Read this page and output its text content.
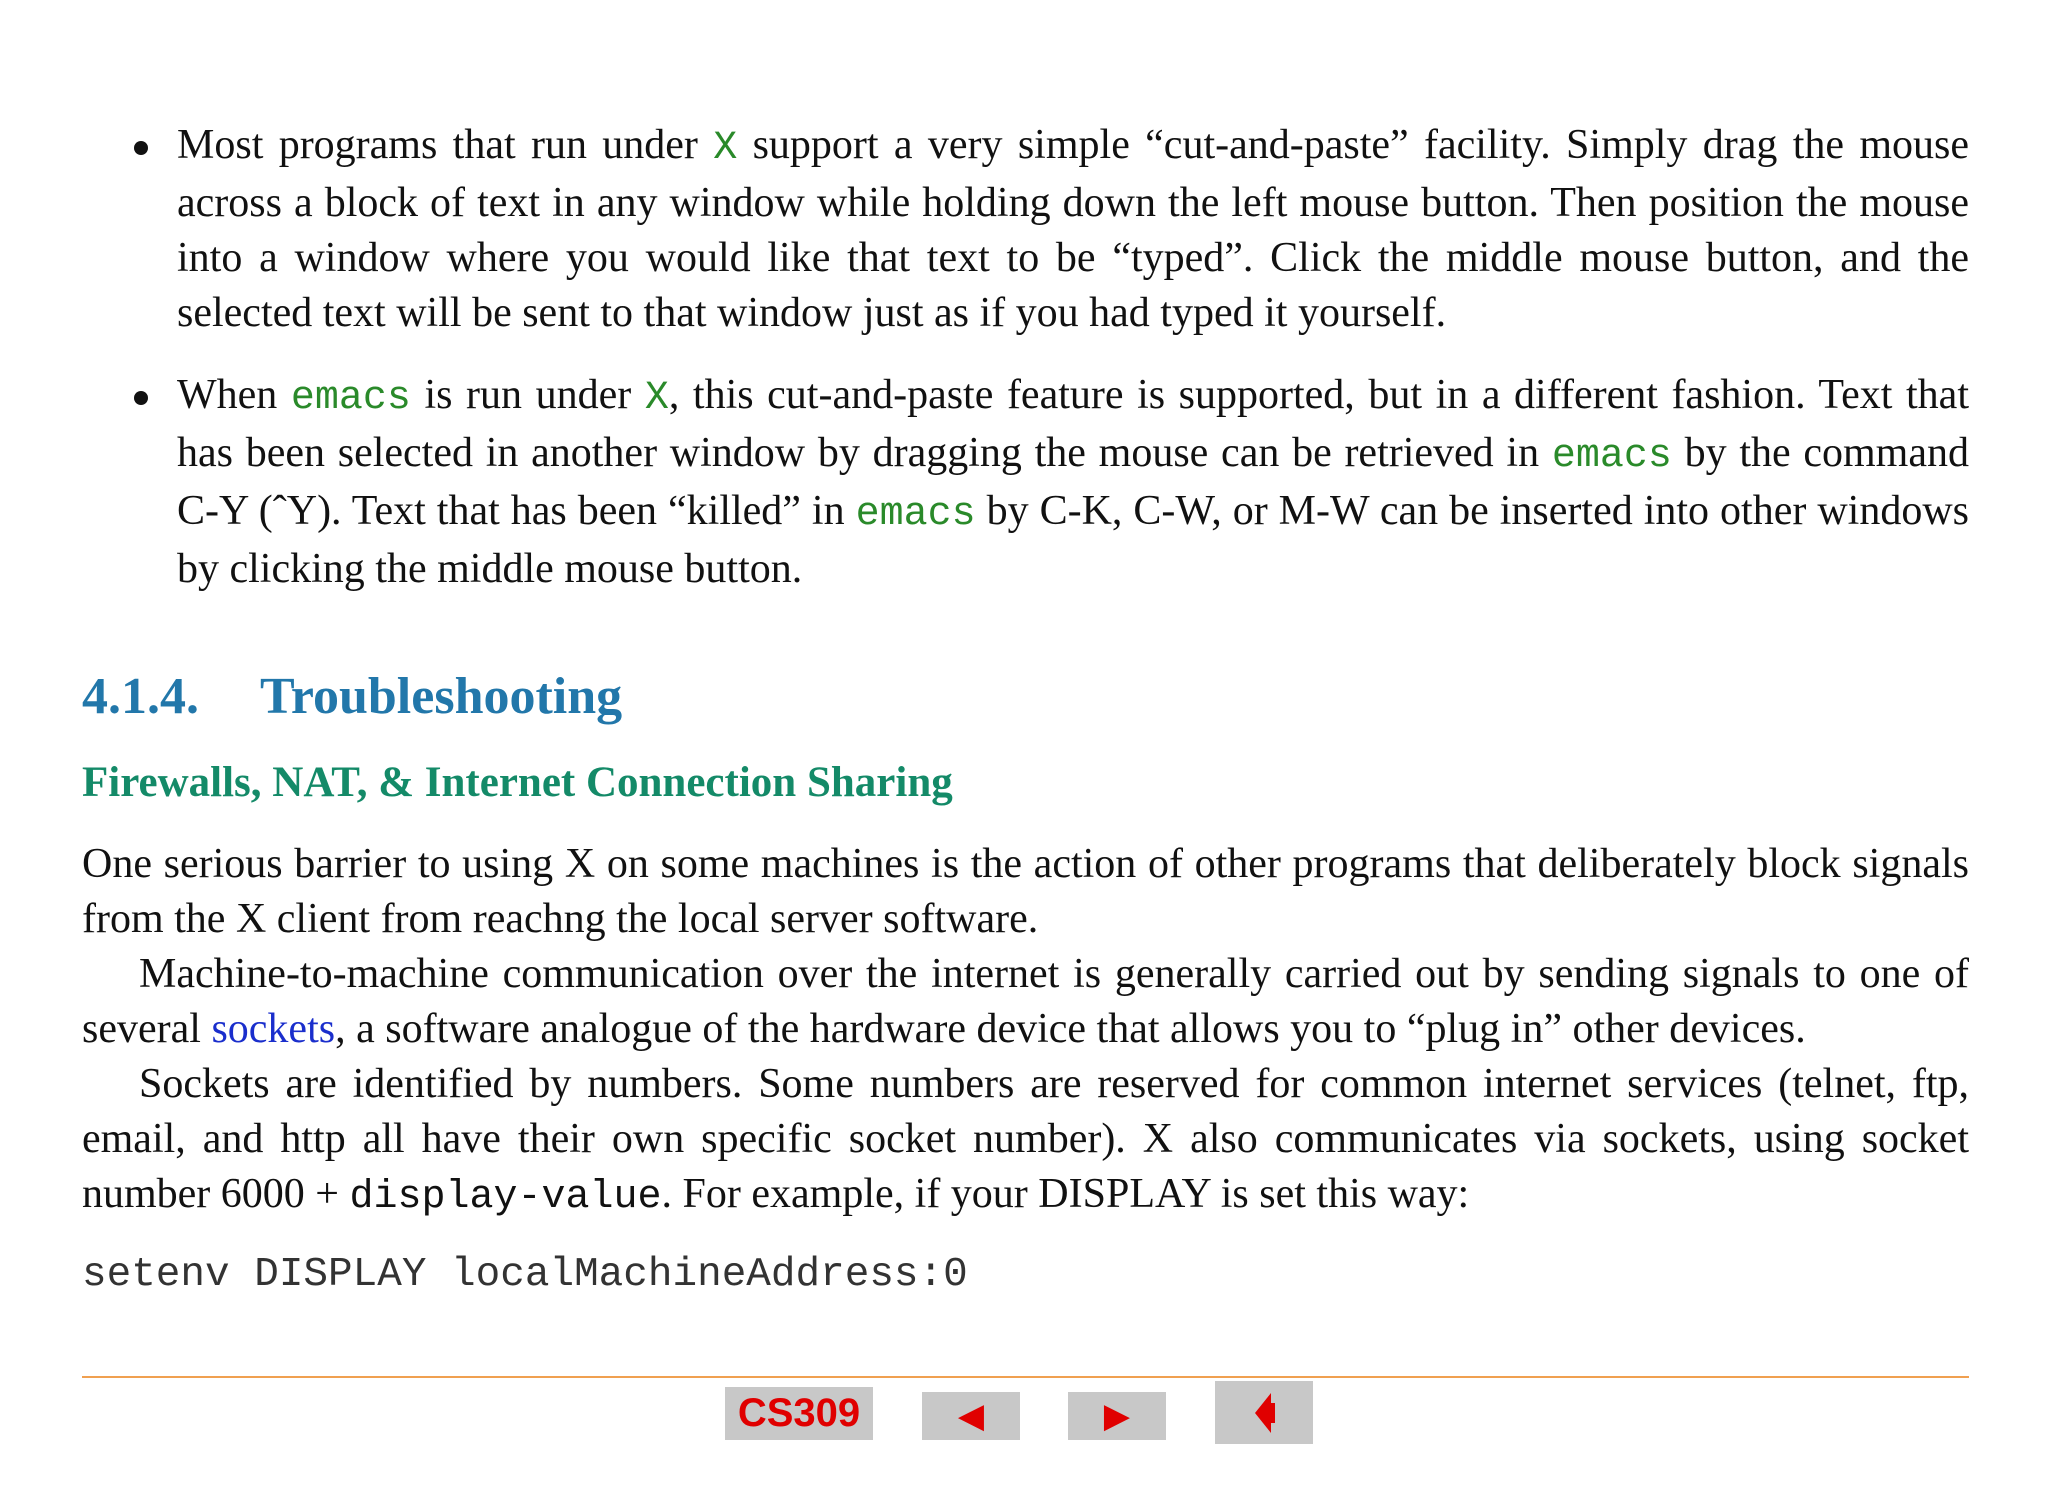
Most programs that run under X support a very simple “cut-and-paste” facility. Simply drag the mouse across a block of text in any window while holding down the left mouse button. Then position the mouse into a window where you would like that text to be “typed”. Click the middle mouse button, and the selected text will be sent to that window just as if you had typed it yourself.
When emacs is run under X, this cut-and-paste feature is supported, but in a different fashion. Text that has been selected in another window by dragging the mouse can be retrieved in emacs by the command C-Y (ˆY). Text that has been “killed” in emacs by C-K, C-W, or M-W can be inserted into other windows by clicking the middle mouse button.
4.1.4. Troubleshooting
Firewalls, NAT, & Internet Connection Sharing

One serious barrier to using X on some machines is the action of other programs that deliberately block signals from the X client from reachng the local server software.

Machine-to-machine communication over the internet is generally carried out by sending signals to one of several sockets, a software analogue of the hardware device that allows you to “plug in” other devices.

Sockets are identified by numbers. Some numbers are reserved for common internet services (telnet, ftp, email, and http all have their own specific socket number). X also communicates via sockets, using socket number 6000 + display-value. For example, if your DISPLAY is set this way:

setenv DISPLAY localMachineAddress:0
CS309	◀	▶
